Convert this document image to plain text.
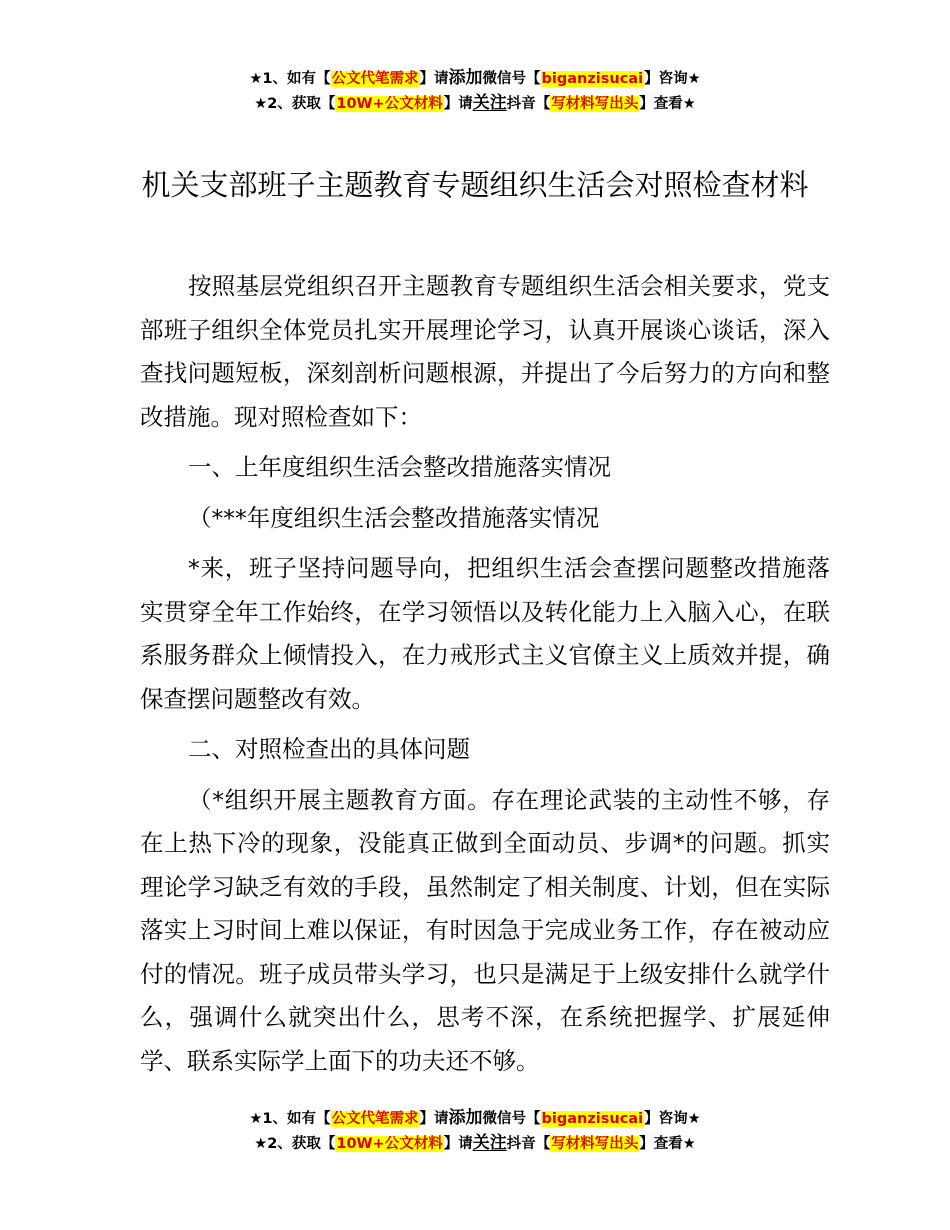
★1、如有【公文代笔需求】请添加微信号【biganzisucai】咨询★
★2、获取【10W+公文材料】请关注抖音【写材料写出头】查看★
机关支部班子主题教育专题组织生活会对照检查材料

按照基层党组织召开主题教育专题组织生活会相关要求，党支部班子组织全体党员扎实开展理论学习，认真开展谈心谈话，深入查找问题短板，深刻剖析问题根源，并提出了今后努力的方向和整改措施。现对照检查如下：

一、上年度组织生活会整改措施落实情况

（***年度组织生活会整改措施落实情况

*来，班子坚持问题导向，把组织生活会查摆问题整改措施落实贯穿全年工作始终，在学习领悟以及转化能力上入脑入心，在联系服务群众上倾情投入，在力戒形式主义官僚主义上质效并提，确保查摆问题整改有效。

二、对照检查出的具体问题

（*组织开展主题教育方面。存在理论武装的主动性不够，存在上热下冷的现象，没能真正做到全面动员、步调*的问题。抓实理论学习缺乏有效的手段，虽然制定了相关制度、计划，但在实际落实上习时间上难以保证，有时因急于完成业务工作，存在被动应付的情况。班子成员带头学习，也只是满足于上级安排什么就学什么，强调什么就突出什么，思考不深，在系统把握学、扩展延伸学、联系实际学上面下的功夫还不够。

★1、如有【公文代笔需求】请添加微信号【biganzisucai】咨询★
★2、获取【10W+公文材料】请关注抖音【写材料写出头】查看★
